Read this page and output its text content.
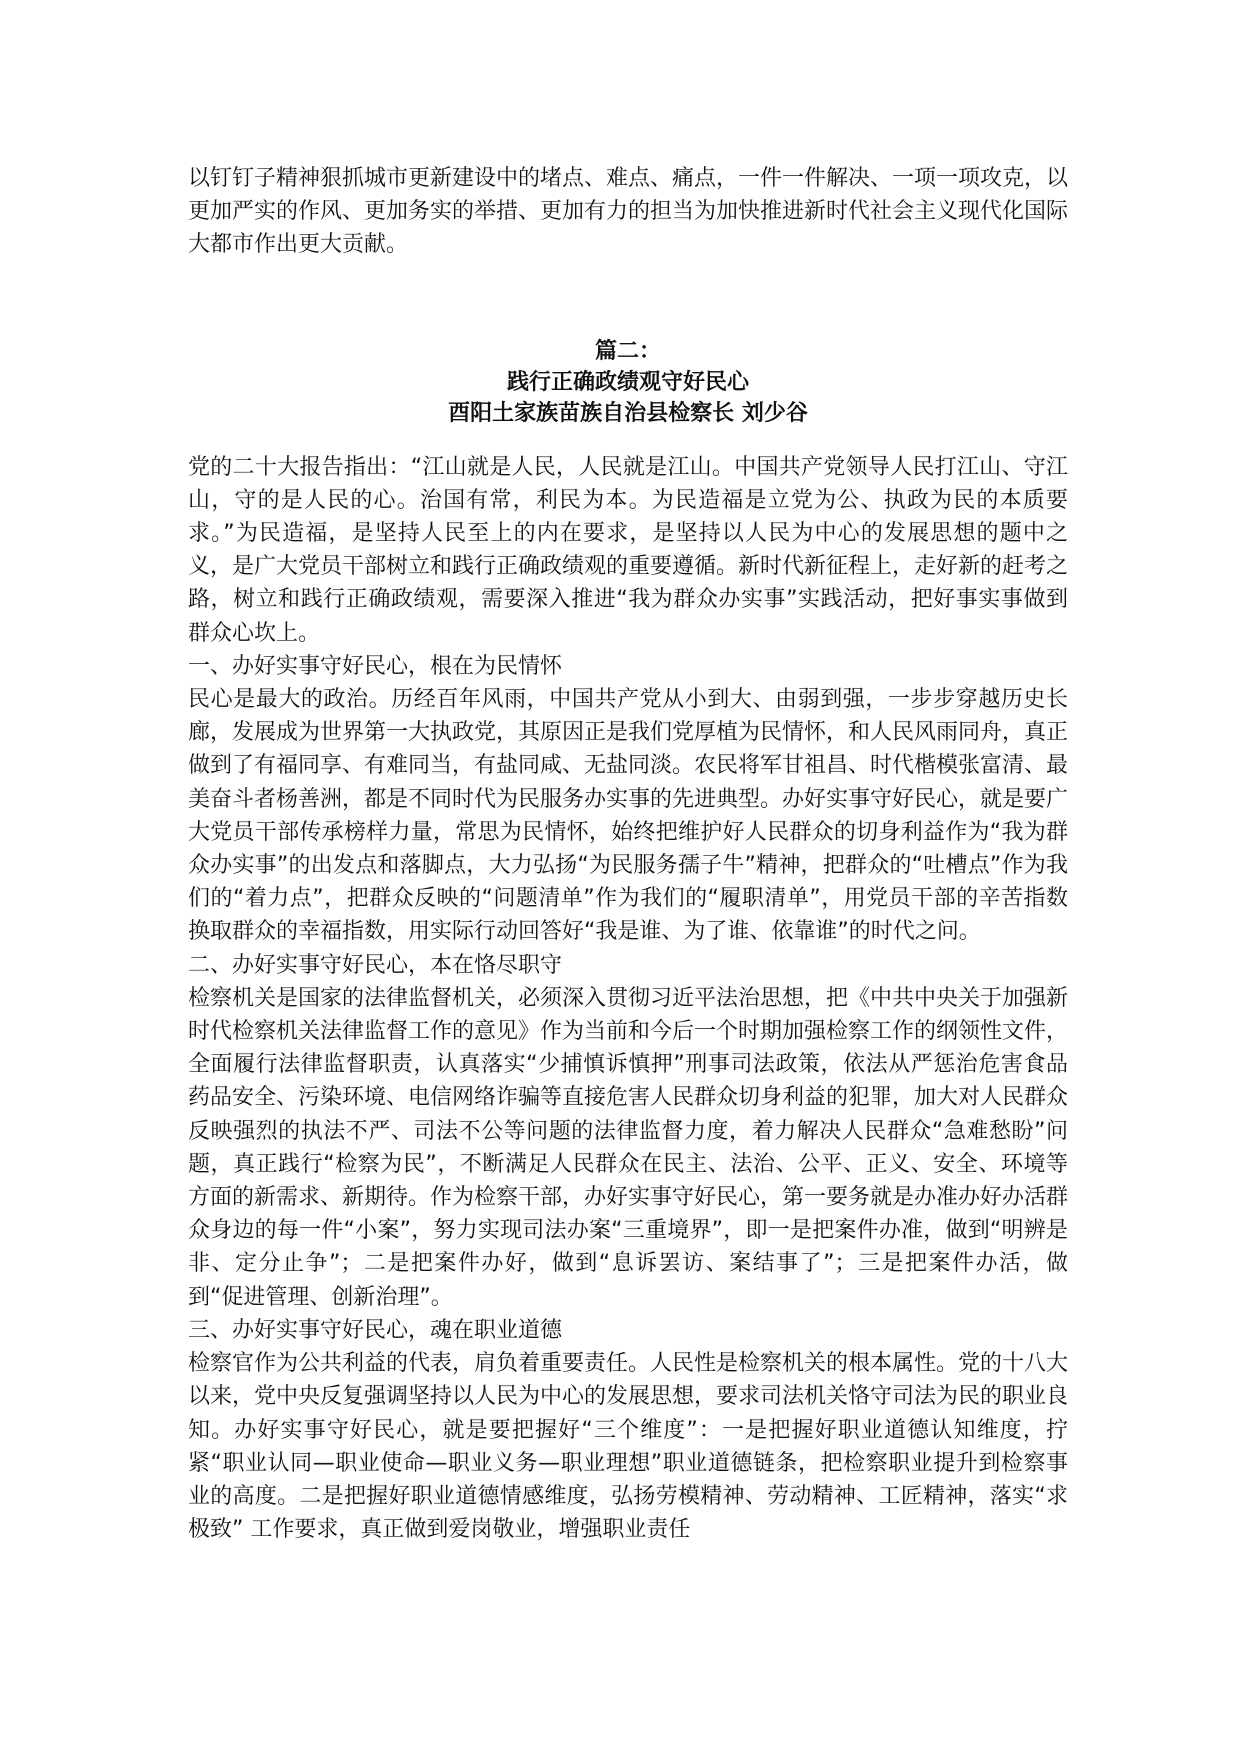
以钉钉子精神狠抓城市更新建设中的堵点、难点、痛点，一件一件解决、一项一项攻克，以更加严实的作风、更加务实的举措、更加有力的担当为加快推进新时代社会主义现代化国际大都市作出更大贡献。

篇二：

践行正确政绩观守好民心

酉阳土家族苗族自治县检察长 刘少谷

党的二十大报告指出：“江山就是人民，人民就是江山。中国共产党领导人民打江山、守江山，守的是人民的心。治国有常，利民为本。为民造福是立党为公、执政为民的本质要求。”为民造福，是坚持人民至上的内在要求，是坚持以人民为中心的发展思想的题中之义，是广大党员干部树立和践行正确政绩观的重要遵循。新时代新征程上，走好新的赶考之路，树立和践行正确政绩观，需要深入推进“我为群众办实事”实践活动，把好事实事做到群众心坎上。

一、办好实事守好民心，根在为民情怀

民心是最大的政治。历经百年风雨，中国共产党从小到大、由弱到强，一步步穿越历史长廊，发展成为世界第一大执政党，其原因正是我们党厚植为民情怀，和人民风雨同舟，真正做到了有福同享、有难同当，有盐同咸、无盐同淡。农民将军甘祖昌、时代楷模张富清、最美奋斗者杨善洲，都是不同时代为民服务办实事的先进典型。办好实事守好民心，就是要广大党员干部传承榜样力量，常思为民情怀，始终把维护好人民群众的切身利益作为“我为群众办实事”的出发点和落脚点，大力弘扬“为民服务孺子牛”精神，把群众的“吐槽点”作为我们的“着力点”，把群众反映的“问题清单”作为我们的“履职清单”，用党员干部的辛苦指数换取群众的幸福指数，用实际行动回答好“我是谁、为了谁、依靠谁”的时代之问。

二、办好实事守好民心，本在恪尽职守

检察机关是国家的法律监督机关，必须深入贯彻习近平法治思想，把《中共中央关于加强新时代检察机关法律监督工作的意见》作为当前和今后一个时期加强检察工作的纲领性文件，全面履行法律监督职责，认真落实“少捕慎诉慎押”刑事司法政策，依法从严惩治危害食品药品安全、污染环境、电信网络诈骗等直接危害人民群众切身利益的犯罪，加大对人民群众反映强烈的执法不严、司法不公等问题的法律监督力度，着力解决人民群众“急难愁盼”问题，真正践行“检察为民”，不断满足人民群众在民主、法治、公平、正义、安全、环境等方面的新需求、新期待。作为检察干部，办好实事守好民心，第一要务就是办准办好办活群众身边的每一件“小案”，努力实现司法办案“三重境界”，即一是把案件办准，做到“明辨是非、定分止争”；二是把案件办好，做到“息诉罢访、案结事了”；三是把案件办活，做到“促进管理、创新治理”。

三、办好实事守好民心，魂在职业道德

检察官作为公共利益的代表，肩负着重要责任。人民性是检察机关的根本属性。党的十八大以来，党中央反复强调坚持以人民为中心的发展思想，要求司法机关恪守司法为民的职业良知。办好实事守好民心，就是要把握好“三个维度”：一是把握好职业道德认知维度，拧紧“职业认同—职业使命—职业义务—职业理想”职业道德链条，把检察职业提升到检察事业的高度。二是把握好职业道德情感维度，弘扬劳模精神、劳动精神、工匠精神，落实“求极致” 工作要求，真正做到爱岗敬业，增强职业责任
